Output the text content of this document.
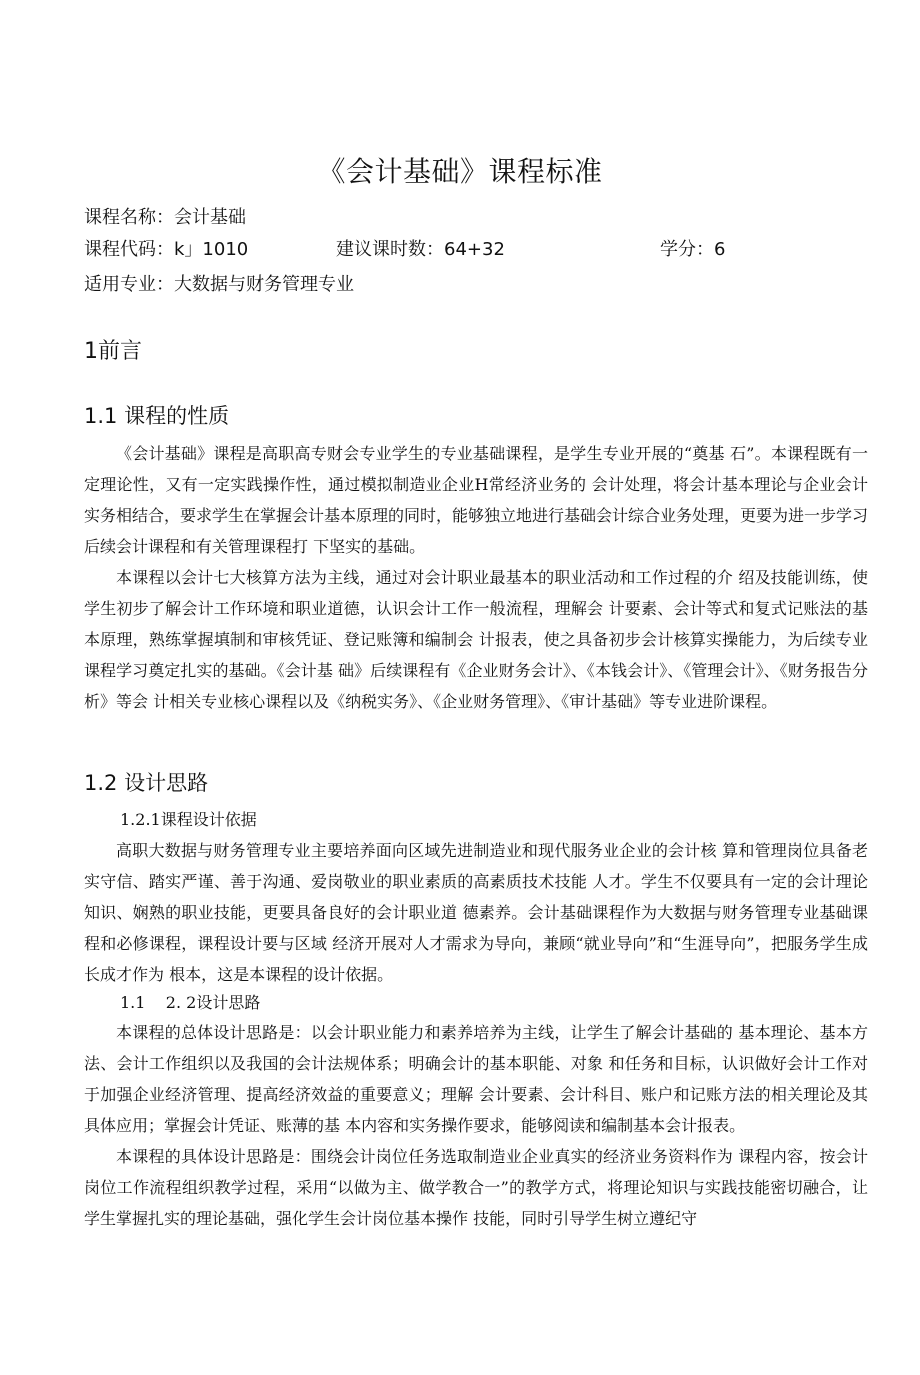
《会计基础》课程标准
课程名称：会计基础
课程代码：k」1010	建议课时数：64+32	学分：6
适用专业：大数据与财务管理专业
1前言
1.1 课程的性质

《会计基础》课程是高职高专财会专业学生的专业基础课程，是学生专业开展的“奠基 石”。本课程既有一定理论性，又有一定实践操作性，通过模拟制造业企业H常经济业务的 会计处理，将会计基本理论与企业会计实务相结合，要求学生在掌握会计基本原理的同时，能够独立地进行基础会计综合业务处理，更要为进一步学习后续会计课程和有关管理课程打 下坚实的基础。

本课程以会计七大核算方法为主线，通过对会计职业最基本的职业活动和工作过程的介 绍及技能训练，使学生初步了解会计工作环境和职业道德，认识会计工作一般流程，理解会 计要素、会计等式和复式记账法的基本原理，熟练掌握填制和审核凭证、登记账簿和编制会 计报表，使之具备初步会计核算实操能力，为后续专业课程学习奠定扎实的基础。《会计基 础》后续课程有《企业财务会计》、《本钱会计》、《管理会计》、《财务报告分析》等会 计相关专业核心课程以及《纳税实务》、《企业财务管理》、《审计基础》等专业进阶课程。

1.2 设计思路
1.2.1课程设计依据

高职大数据与财务管理专业主要培养面向区域先进制造业和现代服务业企业的会计核 算和管理岗位具备老实守信、踏实严谨、善于沟通、爱岗敬业的职业素质的高素质技术技能 人才。学生不仅要具有一定的会计理论知识、娴熟的职业技能，更要具备良好的会计职业道 德素养。会计基础课程作为大数据与财务管理专业基础课程和必修课程，课程设计要与区域 经济开展对人才需求为导向，兼顾“就业导向”和“生涯导向”，把服务学生成长成才作为 根本，这是本课程的设计依据。

1.1    2. 2设计思路

本课程的总体设计思路是：以会计职业能力和素养培养为主线，让学生了解会计基础的 基本理论、基本方法、会计工作组织以及我国的会计法规体系；明确会计的基本职能、对象 和任务和目标，认识做好会计工作对于加强企业经济管理、提高经济效益的重要意义；理解 会计要素、会计科目、账户和记账方法的相关理论及其具体应用；掌握会计凭证、账薄的基 本内容和实务操作要求，能够阅读和编制基本会计报表。

本课程的具体设计思路是：围绕会计岗位任务选取制造业企业真实的经济业务资料作为 课程内容，按会计岗位工作流程组织教学过程，采用“以做为主、做学教合一”的教学方式，将理论知识与实践技能密切融合，让学生掌握扎实的理论基础，强化学生会计岗位基本操作 技能，同时引导学生树立遵纪守
